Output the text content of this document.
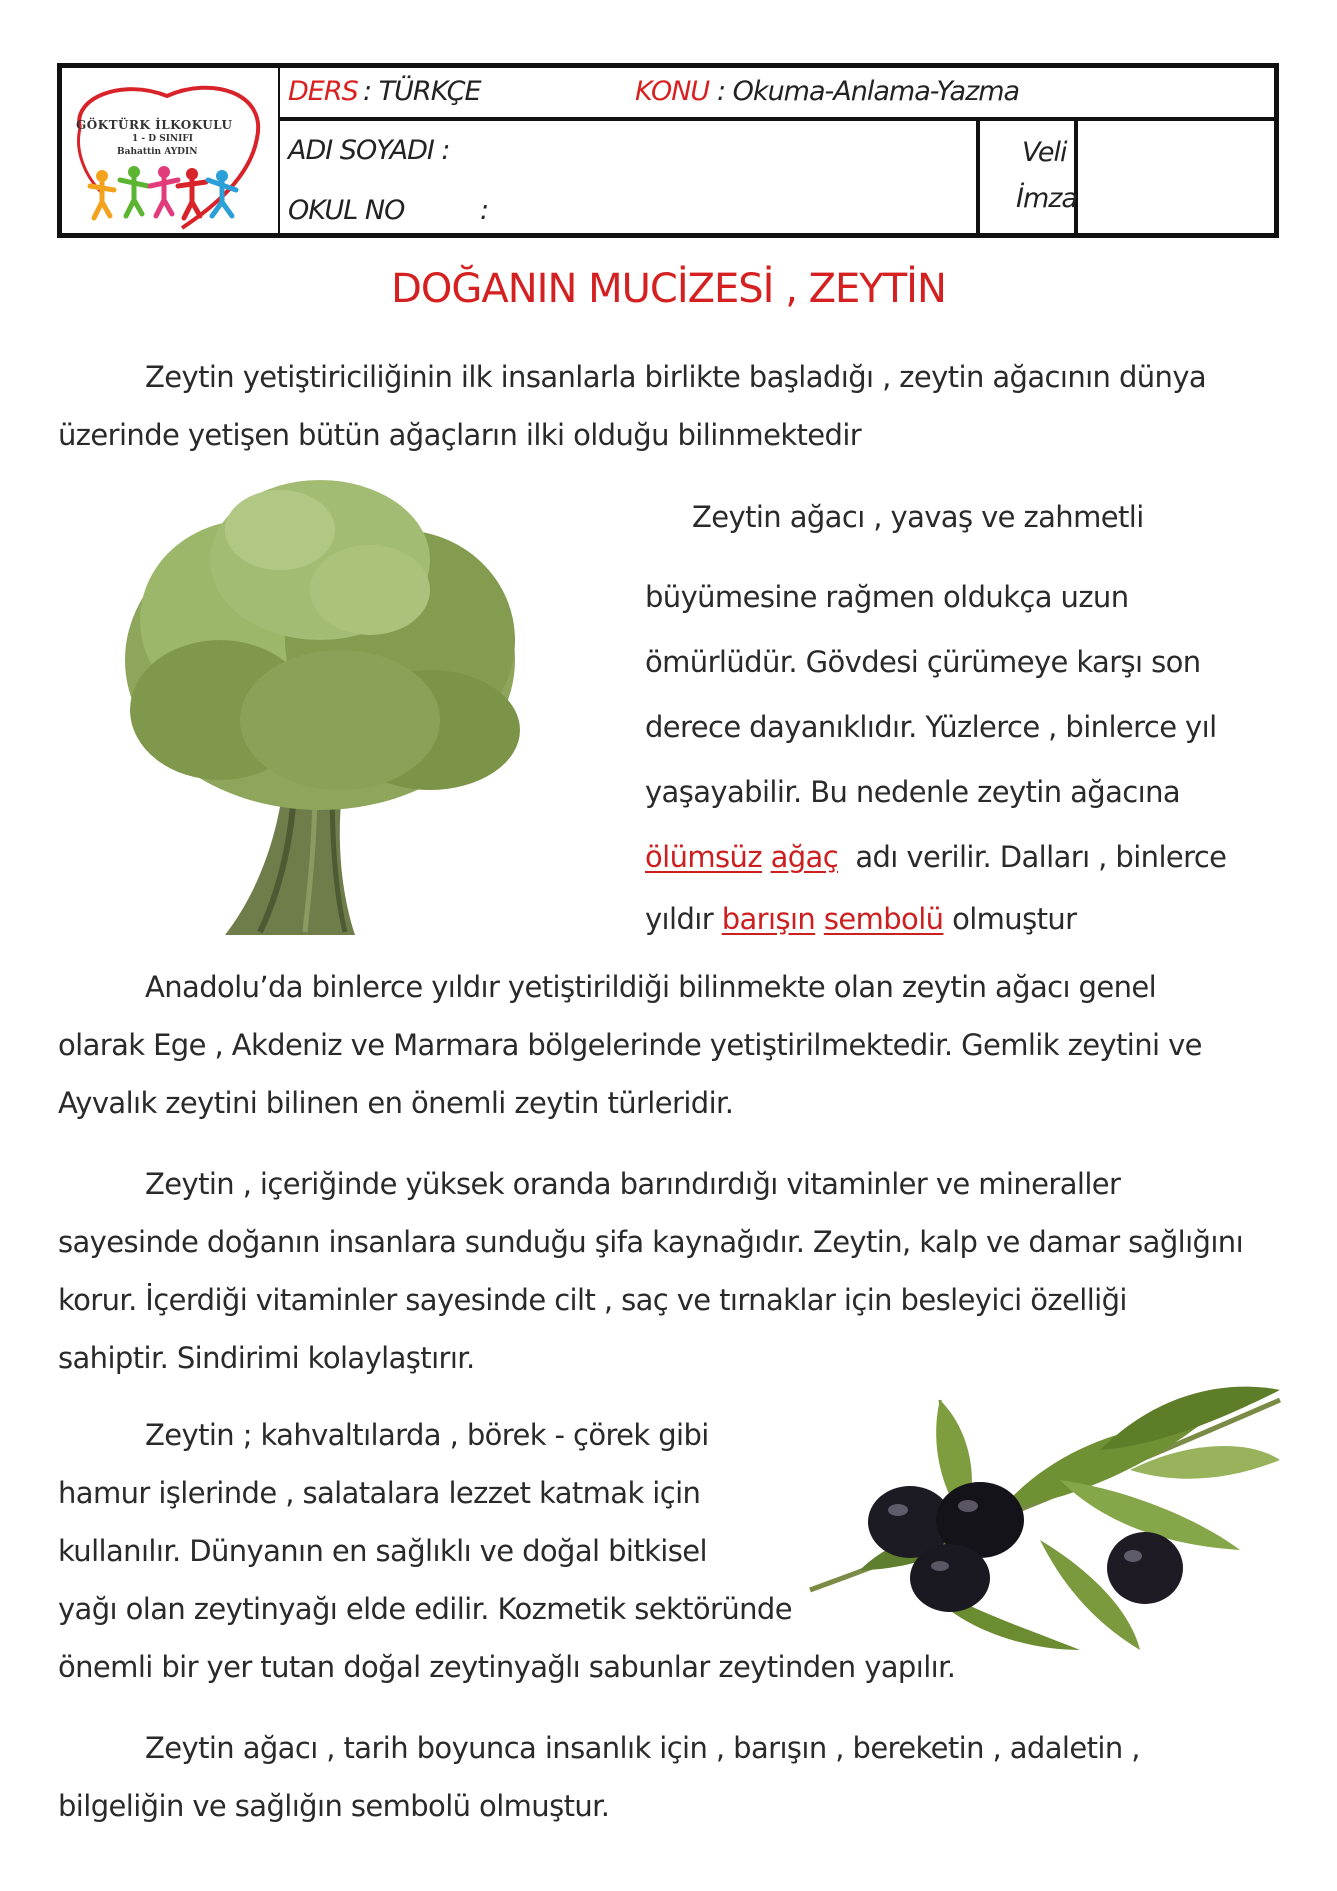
GÖKTÜRK İLKOKULU
1 - D SINIFI
Bahattin AYDIN
DERS : TÜRKÇE	KONU : Okuma-Anlama-Yazma
ADI SOYADI :
OKUL NO	:
Veli
İmza
DOĞANIN MUCİZESİ , ZEYTİN
Zeytin yetiştiriciliğinin ilk insanlarla birlikte başladığı , zeytin ağacının dünya
üzerinde yetişen bütün ağaçların ilki olduğu bilinmektedir
Zeytin ağacı , yavaş ve zahmetli
büyümesine rağmen oldukça uzun
ömürlüdür. Gövdesi çürümeye karşı son
derece dayanıklıdır. Yüzlerce , binlerce yıl
yaşayabilir. Bu nedenle zeytin ağacına
ölümsüz ağaç adı verilir. Dalları , binlerce
yıldır barışın sembolü olmuştur
Anadolu’da binlerce yıldır yetiştirildiği bilinmekte olan zeytin ağacı genel
olarak Ege , Akdeniz ve Marmara bölgelerinde yetiştirilmektedir. Gemlik zeytini ve
Ayvalık zeytini bilinen en önemli zeytin türleridir.
Zeytin , içeriğinde yüksek oranda barındırdığı vitaminler ve mineraller
sayesinde doğanın insanlara sunduğu şifa kaynağıdır. Zeytin, kalp ve damar sağlığını
korur. İçerdiği vitaminler sayesinde cilt , saç ve tırnaklar için besleyici özelliği
sahiptir. Sindirimi kolaylaştırır.
Zeytin ; kahvaltılarda , börek - çörek gibi
hamur işlerinde , salatalara lezzet katmak için
kullanılır. Dünyanın en sağlıklı ve doğal bitkisel
yağı olan zeytinyağı elde edilir. Kozmetik sektöründe
önemli bir yer tutan doğal zeytinyağlı sabunlar zeytinden yapılır.
Zeytin ağacı , tarih boyunca insanlık için , barışın , bereketin , adaletin ,
bilgeliğin ve sağlığın sembolü olmuştur.
